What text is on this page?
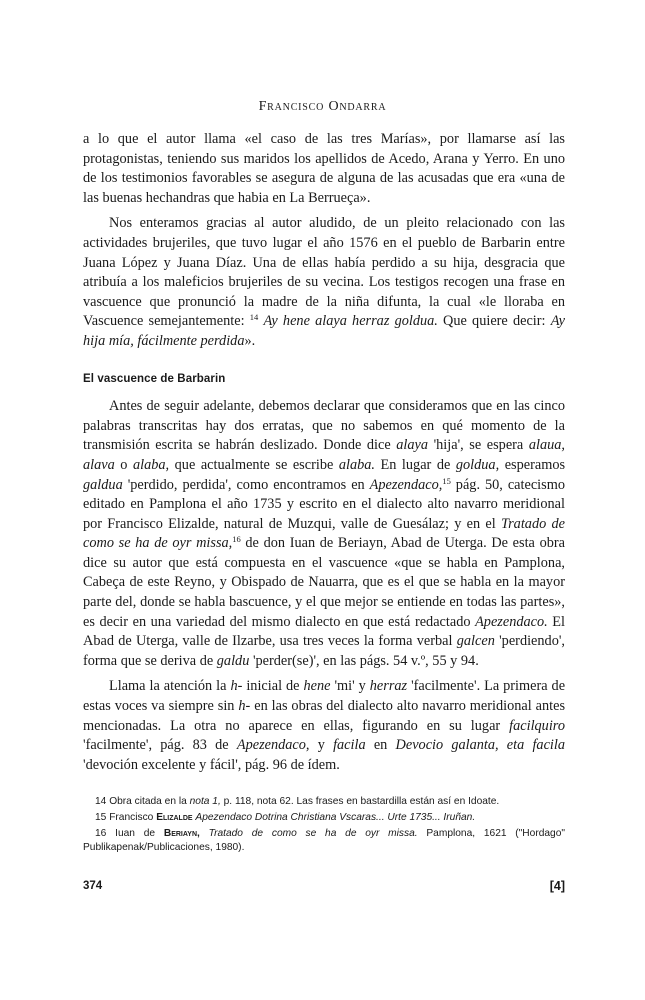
Francisco Ondarra

a lo que el autor llama «el caso de las tres Marías», por llamarse así las protagonistas, teniendo sus maridos los apellidos de Acedo, Arana y Yerro. En uno de los testimonios favorables se asegura de alguna de las acusadas que era «una de las buenas hechandras que habia en La Berrueça».

Nos enteramos gracias al autor aludido, de un pleito relacionado con las actividades brujeriles, que tuvo lugar el año 1576 en el pueblo de Barbarin entre Juana López y Juana Díaz. Una de ellas había perdido a su hija, desgracia que atribuía a los maleficios brujeriles de su vecina. Los testigos recogen una frase en vascuence que pronunció la madre de la niña difunta, la cual «le lloraba en Vascuence semejantemente: $^{14}$ Ay hene alaya herraz goldua. Que quiere decir: Ay hija mía, fácilmente perdida».

El vascuence de Barbarin

Antes de seguir adelante, debemos declarar que consideramos que en las cinco palabras transcritas hay dos erratas, que no sabemos en qué momento de la transmisión escrita se habrán deslizado. Donde dice alaya 'hija', se espera alaua, alava o alaba, que actualmente se escribe alaba. En lugar de goldua, esperamos galdua 'perdido, perdida', como encontramos en Apezendaco,$^{15}$ pág. 50, catecismo editado en Pamplona el año 1735 y escrito en el dialecto alto navarro meridional por Francisco Elizalde, natural de Muzqui, valle de Guesálaz; y en el Tratado de como se ha de oyr missa,$^{16}$ de don Iuan de Beriayn, Abad de Uterga. De esta obra dice su autor que está compuesta en el vascuence «que se habla en Pamplona, Cabeça de este Reyno, y Obispado de Nauarra, que es el que se habla en la mayor parte del, donde se habla bascuence, y el que mejor se entiende en todas las partes», es decir en una variedad del mismo dialecto en que está redactado Apezendaco. El Abad de Uterga, valle de Ilzarbe, usa tres veces la forma verbal galcen 'perdiendo', forma que se deriva de galdu 'perder(se)', en las págs. 54 v.º, 55 y 94.

Llama la atención la h- inicial de hene 'mi' y herraz 'facilmente'. La primera de estas voces va siempre sin h- en las obras del dialecto alto navarro meridional antes mencionadas. La otra no aparece en ellas, figurando en su lugar facilquiro 'facilmente', pág. 83 de Apezendaco, y facila en Devocio galanta, eta facila 'devoción excelente y fácil', pág. 96 de ídem.

14 Obra citada en la nota 1, p. 118, nota 62. Las frases en bastardilla están así en Idoate.

15 Francisco Elizalde Apezendaco Dotrina Christiana Vscaras... Urte 1735... Iruñan.

16 Iuan de Beriayn, Tratado de como se ha de oyr missa. Pamplona, 1621 ("Hordago" Publikapenak/Publicaciones, 1980).

374	[4]
